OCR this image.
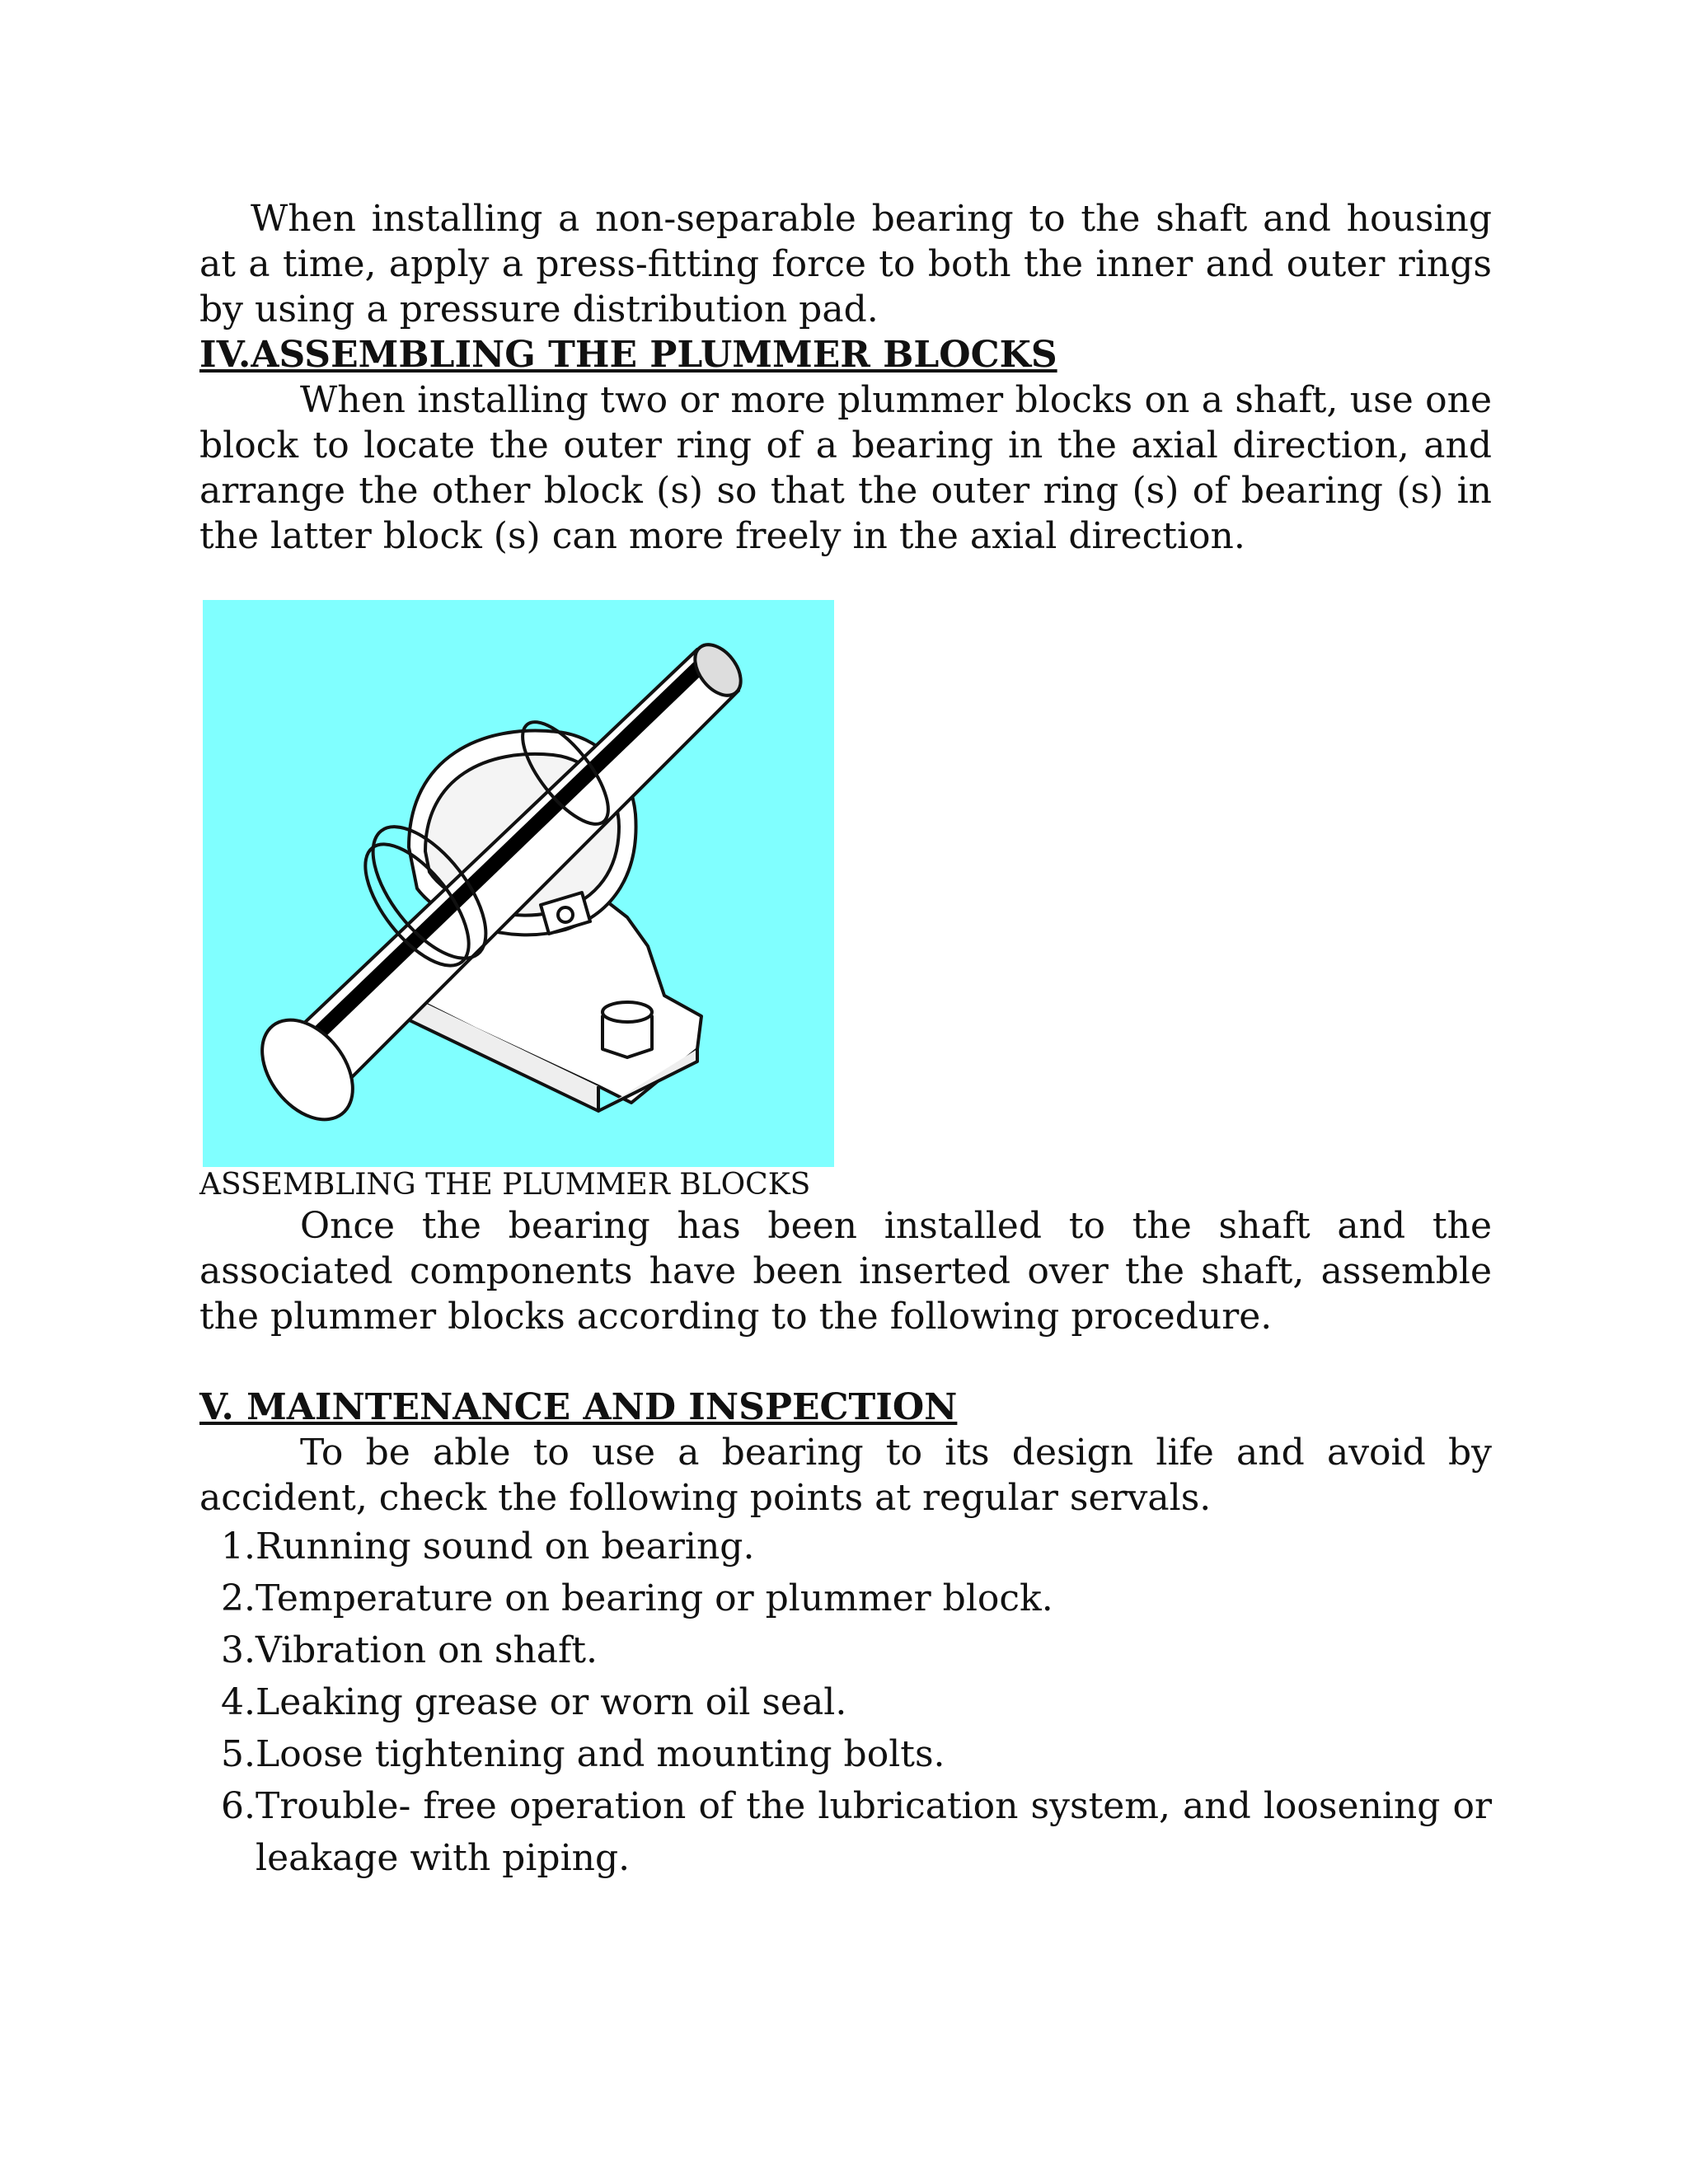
When installing a non-separable bearing to the shaft and housing at a time, apply a press-fitting force to both the inner and outer rings by using a pressure distribution pad.

IV.ASSEMBLING THE PLUMMER BLOCKS

When installing two or more plummer blocks on a shaft, use one block to locate the outer ring of a bearing in the axial direction, and arrange the other block (s) so that the outer ring (s) of bearing (s) in the latter block (s) can more freely in the axial direction.

ASSEMBLING THE PLUMMER BLOCKS

Once the bearing has been installed to the shaft and the associated components have been inserted over the shaft, assemble the plummer blocks according to the following procedure.

V. MAINTENANCE AND INSPECTION

To be able to use a bearing to its design life and avoid by accident, check the following points at regular servals.

1. Running sound on bearing.
2. Temperature on bearing or plummer block.
3. Vibration on shaft.
4. Leaking grease or worn oil seal.
5. Loose tightening and mounting bolts.
6. Trouble- free operation of the lubrication system, and loosening or leakage with piping.
